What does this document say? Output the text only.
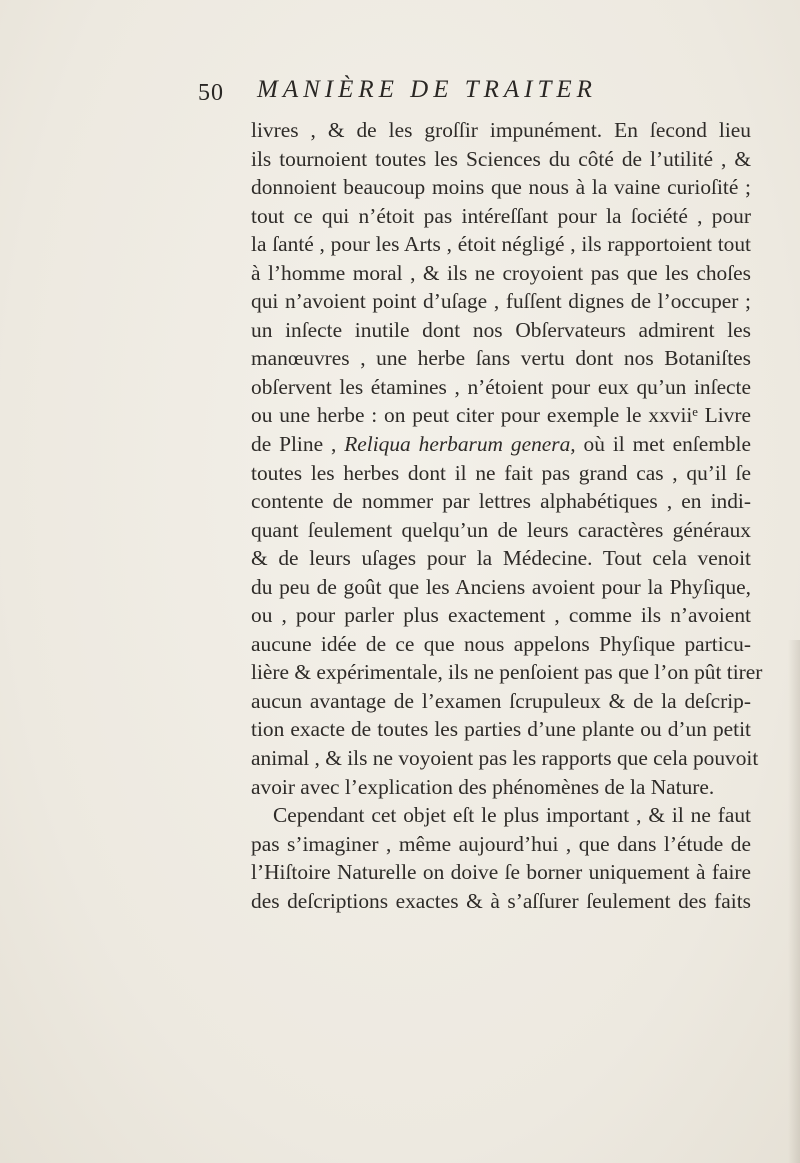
50 MANIÈRE DE TRAITER
livres , & de les groſſir impunément. En ſecond lieu
ils tournoient toutes les Sciences du côté de l’utilité , &
donnoient beaucoup moins que nous à la vaine curioſité ;
tout ce qui n’étoit pas intéreſſant pour la ſociété , pour
la ſanté , pour les Arts , étoit négligé , ils rapportoient tout
à l’homme moral , & ils ne croyoient pas que les choſes
qui n’avoient point d’uſage , fuſſent dignes de l’occuper ;
un inſecte inutile dont nos Obſervateurs admirent les
manœuvres , une herbe ſans vertu dont nos Botaniſtes
obſervent les étamines , n’étoient pour eux qu’un inſecte
ou une herbe : on peut citer pour exemple le xxviiᵉ Livre
de Pline , Reliqua herbarum genera, où il met enſemble
toutes les herbes dont il ne fait pas grand cas , qu’il ſe
contente de nommer par lettres alphabétiques , en indi-
quant ſeulement quelqu’un de leurs caractères généraux
& de leurs uſages pour la Médecine. Tout cela venoit
du peu de goût que les Anciens avoient pour la Phyſique,
ou , pour parler plus exactement , comme ils n’avoient
aucune idée de ce que nous appelons Phyſique particu-
lière & expérimentale, ils ne penſoient pas que l’on pût tirer
aucun avantage de l’examen ſcrupuleux & de la deſcrip-
tion exacte de toutes les parties d’une plante ou d’un petit
animal , & ils ne voyoient pas les rapports que cela pouvoit
avoir avec l’explication des phénomènes de la Nature.
Cependant cet objet eſt le plus important , & il ne faut
pas s’imaginer , même aujourd’hui , que dans l’étude de
l’Hiſtoire Naturelle on doive ſe borner uniquement à faire
des deſcriptions exactes & à s’aſſurer ſeulement des faits
